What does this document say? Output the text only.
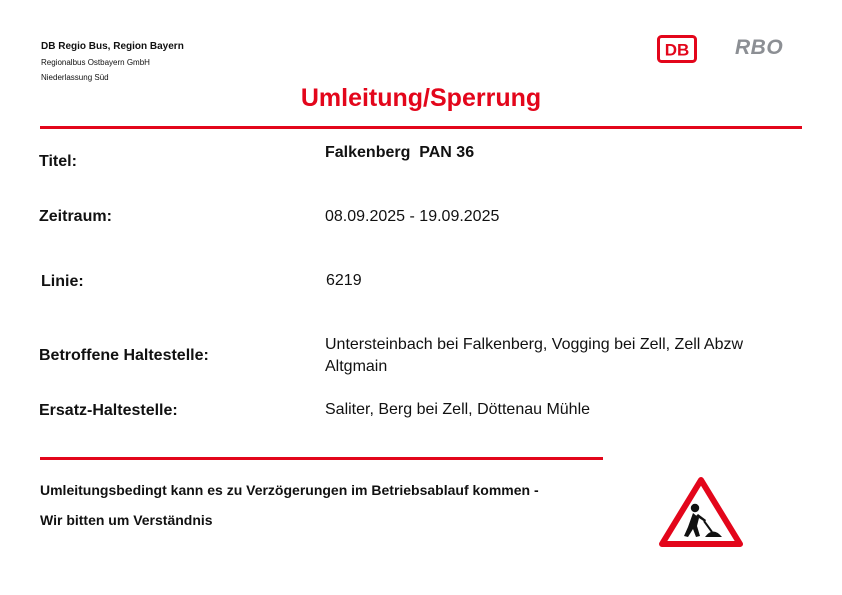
DB Regio Bus, Region Bayern
Regionalbus Ostbayern GmbH
Niederlassung Süd
DB RBO
Umleitung/Sperrung
Titel:
Falkenberg  PAN 36
Zeitraum:	08.09.2025 - 19.09.2025
Linie:	6219
Betroffene Haltestelle:
Untersteinbach bei Falkenberg, Vogging bei Zell, Zell Abzw Altgmain
Ersatz-Haltestelle:	Saliter, Berg bei Zell, Döttenau Mühle
Umleitungsbedingt kann es zu Verzögerungen im Betriebsablauf kommen -
Wir bitten um Verständnis
